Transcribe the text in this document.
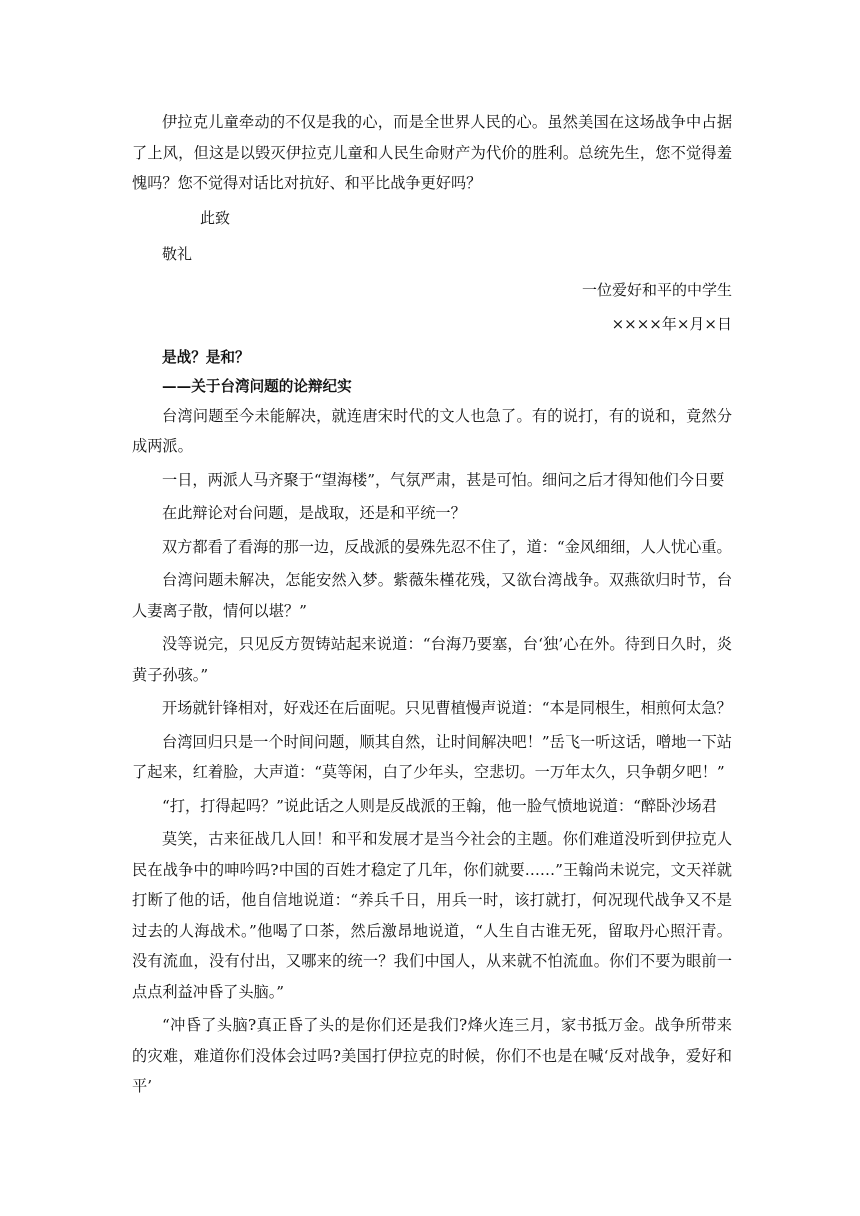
伊拉克儿童牵动的不仅是我的心，而是全世界人民的心。虽然美国在这场战争中占据了上风，但这是以毁灭伊拉克儿童和人民生命财产为代价的胜利。总统先生，您不觉得羞愧吗？您不觉得对话比对抗好、和平比战争更好吗？

此致
敬礼
一位爱好和平的中学生
××××年×月×日
是战？是和？
——关于台湾问题的论辩纪实　

台湾问题至今未能解决，就连唐宋时代的文人也急了。有的说打，有的说和，竟然分成两派。

一日，两派人马齐聚于“望海楼”，气氛严肃，甚是可怕。细问之后才得知他们今日要

在此辩论对台问题，是战取，还是和平统一？

双方都看了看海的那一边，反战派的晏殊先忍不住了，道：“金风细细，人人忧心重。

台湾问题未解决，怎能安然入梦。紫薇朱槿花残，又欲台湾战争。双燕欲归时节，台人妻离子散，情何以堪？”

没等说完，只见反方贺铸站起来说道：“台海乃要塞，台‘独’心在外。待到日久时，炎黄子孙骇。”

开场就针锋相对，好戏还在后面呢。只见曹植慢声说道：“本是同根生，相煎何太急？

台湾回归只是一个时间问题，顺其自然，让时间解决吧！”岳飞一听这话，噌地一下站了起来，红着脸，大声道：“莫等闲，白了少年头，空悲切。一万年太久，只争朝夕吧！”

“打，打得起吗？”说此话之人则是反战派的王翰，他一脸气愤地说道：“醉卧沙场君

莫笑，古来征战几人回！和平和发展才是当今社会的主题。你们难道没听到伊拉克人民在战争中的呻吟吗?中国的百姓才稳定了几年，你们就要……”王翰尚未说完，文天祥就打断了他的话，他自信地说道：“养兵千日，用兵一时，该打就打，何况现代战争又不是过去的人海战术。”他喝了口茶，然后激昂地说道，“人生自古谁无死，留取丹心照汗青。没有流血，没有付出，又哪来的统一？我们中国人，从来就不怕流血。你们不要为眼前一点点利益冲昏了头脑。”

“冲昏了头脑?真正昏了头的是你们还是我们?烽火连三月，家书抵万金。战争所带来的灾难，难道你们没体会过吗?美国打伊拉克的时候，你们不也是在喊‘反对战争，爱好和平’
